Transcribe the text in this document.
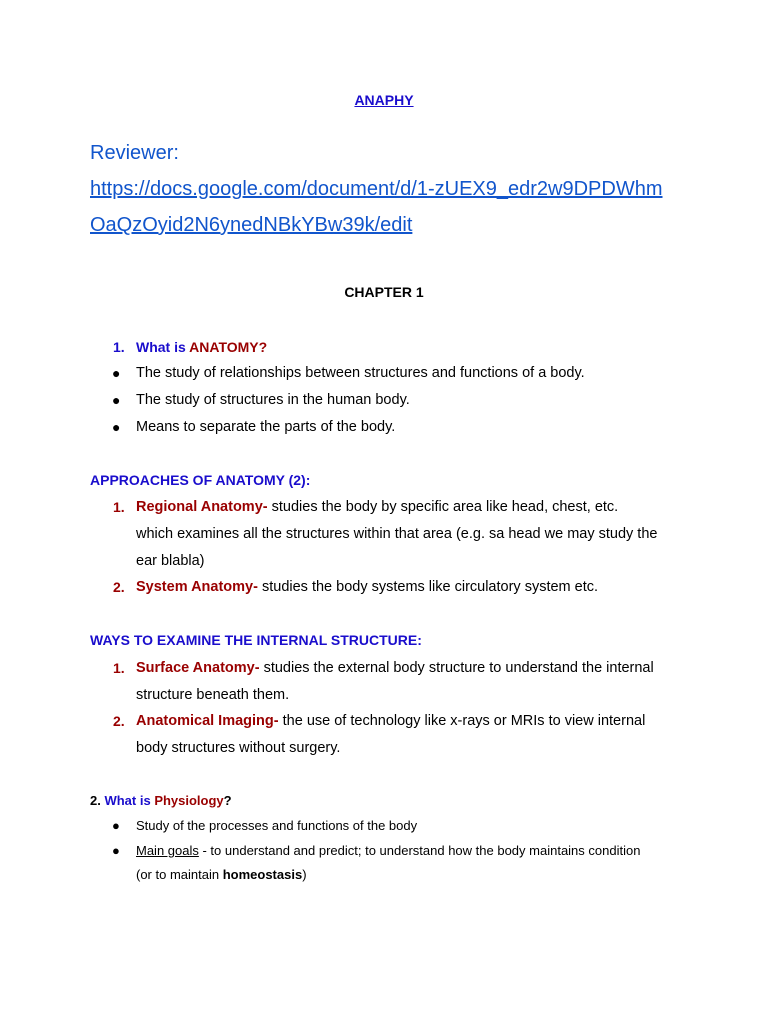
ANAPHY
Reviewer:
https://docs.google.com/document/d/1-zUEX9_edr2w9DPDWhm
OaQzOyid2N6ynedNBkYBw39k/edit
CHAPTER 1
1. What is ANATOMY?
● The study of relationships between structures and functions of a body.
● The study of structures in the human body.
● Means to separate the parts of the body.
APPROACHES OF ANATOMY (2):
1. Regional Anatomy- studies the body by specific area like head, chest, etc.
which examines all the structures within that area (e.g. sa head we may study the
ear blabla)
2. System Anatomy- studies the body systems like circulatory system etc.
WAYS TO EXAMINE THE INTERNAL STRUCTURE:
1. Surface Anatomy- studies the external body structure to understand the internal
structure beneath them.
2. Anatomical Imaging- the use of technology like x-rays or MRIs to view internal
body structures without surgery.
2. What is Physiology?
● Study of the processes and functions of the body
● Main goals - to understand and predict; to understand how the body maintains condition
(or to maintain homeostasis)
